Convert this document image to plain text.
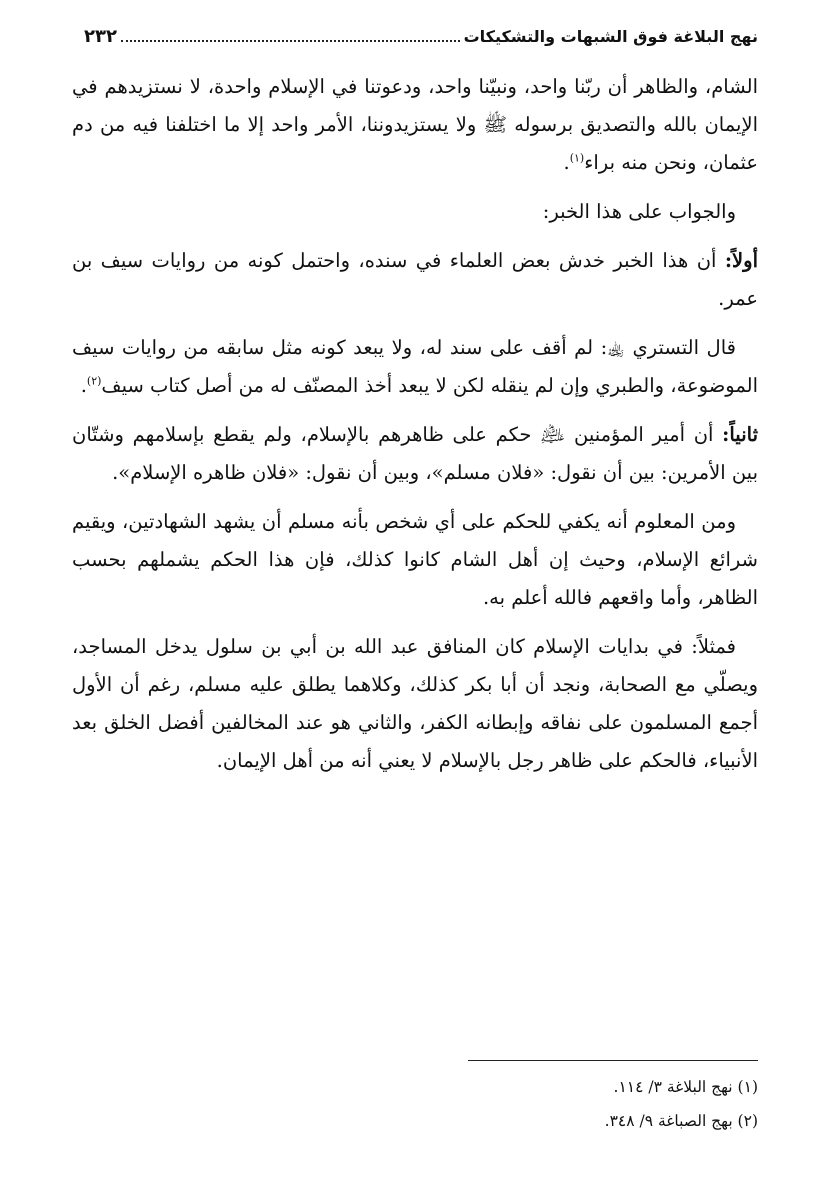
نهج البلاغة فوق الشبهات والتشكيكات
٢٣٢

الشام، والظاهر أن ربّنا واحد، ونبيّنا واحد، ودعوتنا في الإسلام واحدة، لا نستزيدهم في الإيمان بالله والتصديق برسوله ﷺ ولا يستزيدوننا، الأمر واحد إلا ما اختلفنا فيه من دم عثمان، ونحن منه براء$^{(١)}$.

والجواب على هذا الخبر:

أولاً: أن هذا الخبر خدش بعض العلماء في سنده، واحتمل كونه من روايات سيف بن عمر.

قال التستري ﵀: لم أقف على سند له، ولا يبعد كونه مثل سابقه من روايات سيف الموضوعة، والطبري وإن لم ينقله لكن لا يبعد أخذ المصنّف له من أصل كتاب سيف$^{(٢)}$.

ثانياً: أن أمير المؤمنين ﵇ حكم على ظاهرهم بالإسلام، ولم يقطع بإسلامهم وشتّان بين الأمرين: بين أن نقول: «فلان مسلم»، وبين أن نقول: «فلان ظاهره الإسلام».

ومن المعلوم أنه يكفي للحكم على أي شخص بأنه مسلم أن يشهد الشهادتين، ويقيم شرائع الإسلام، وحيث إن أهل الشام كانوا كذلك، فإن هذا الحكم يشملهم بحسب الظاهر، وأما واقعهم فالله أعلم به.

فمثلاً: في بدايات الإسلام كان المنافق عبد الله بن أبي بن سلول يدخل المساجد، ويصلّي مع الصحابة، ونجد أن أبا بكر كذلك، وكلاهما يطلق عليه مسلم، رغم أن الأول أجمع المسلمون على نفاقه وإبطانه الكفر، والثاني هو عند المخالفين أفضل الخلق بعد الأنبياء، فالحكم على ظاهر رجل بالإسلام لا يعني أنه من أهل الإيمان.

(١) نهج البلاغة ٣/ ١١٤.
(٢) بهج الصباغة ٩/ ٣٤٨.
